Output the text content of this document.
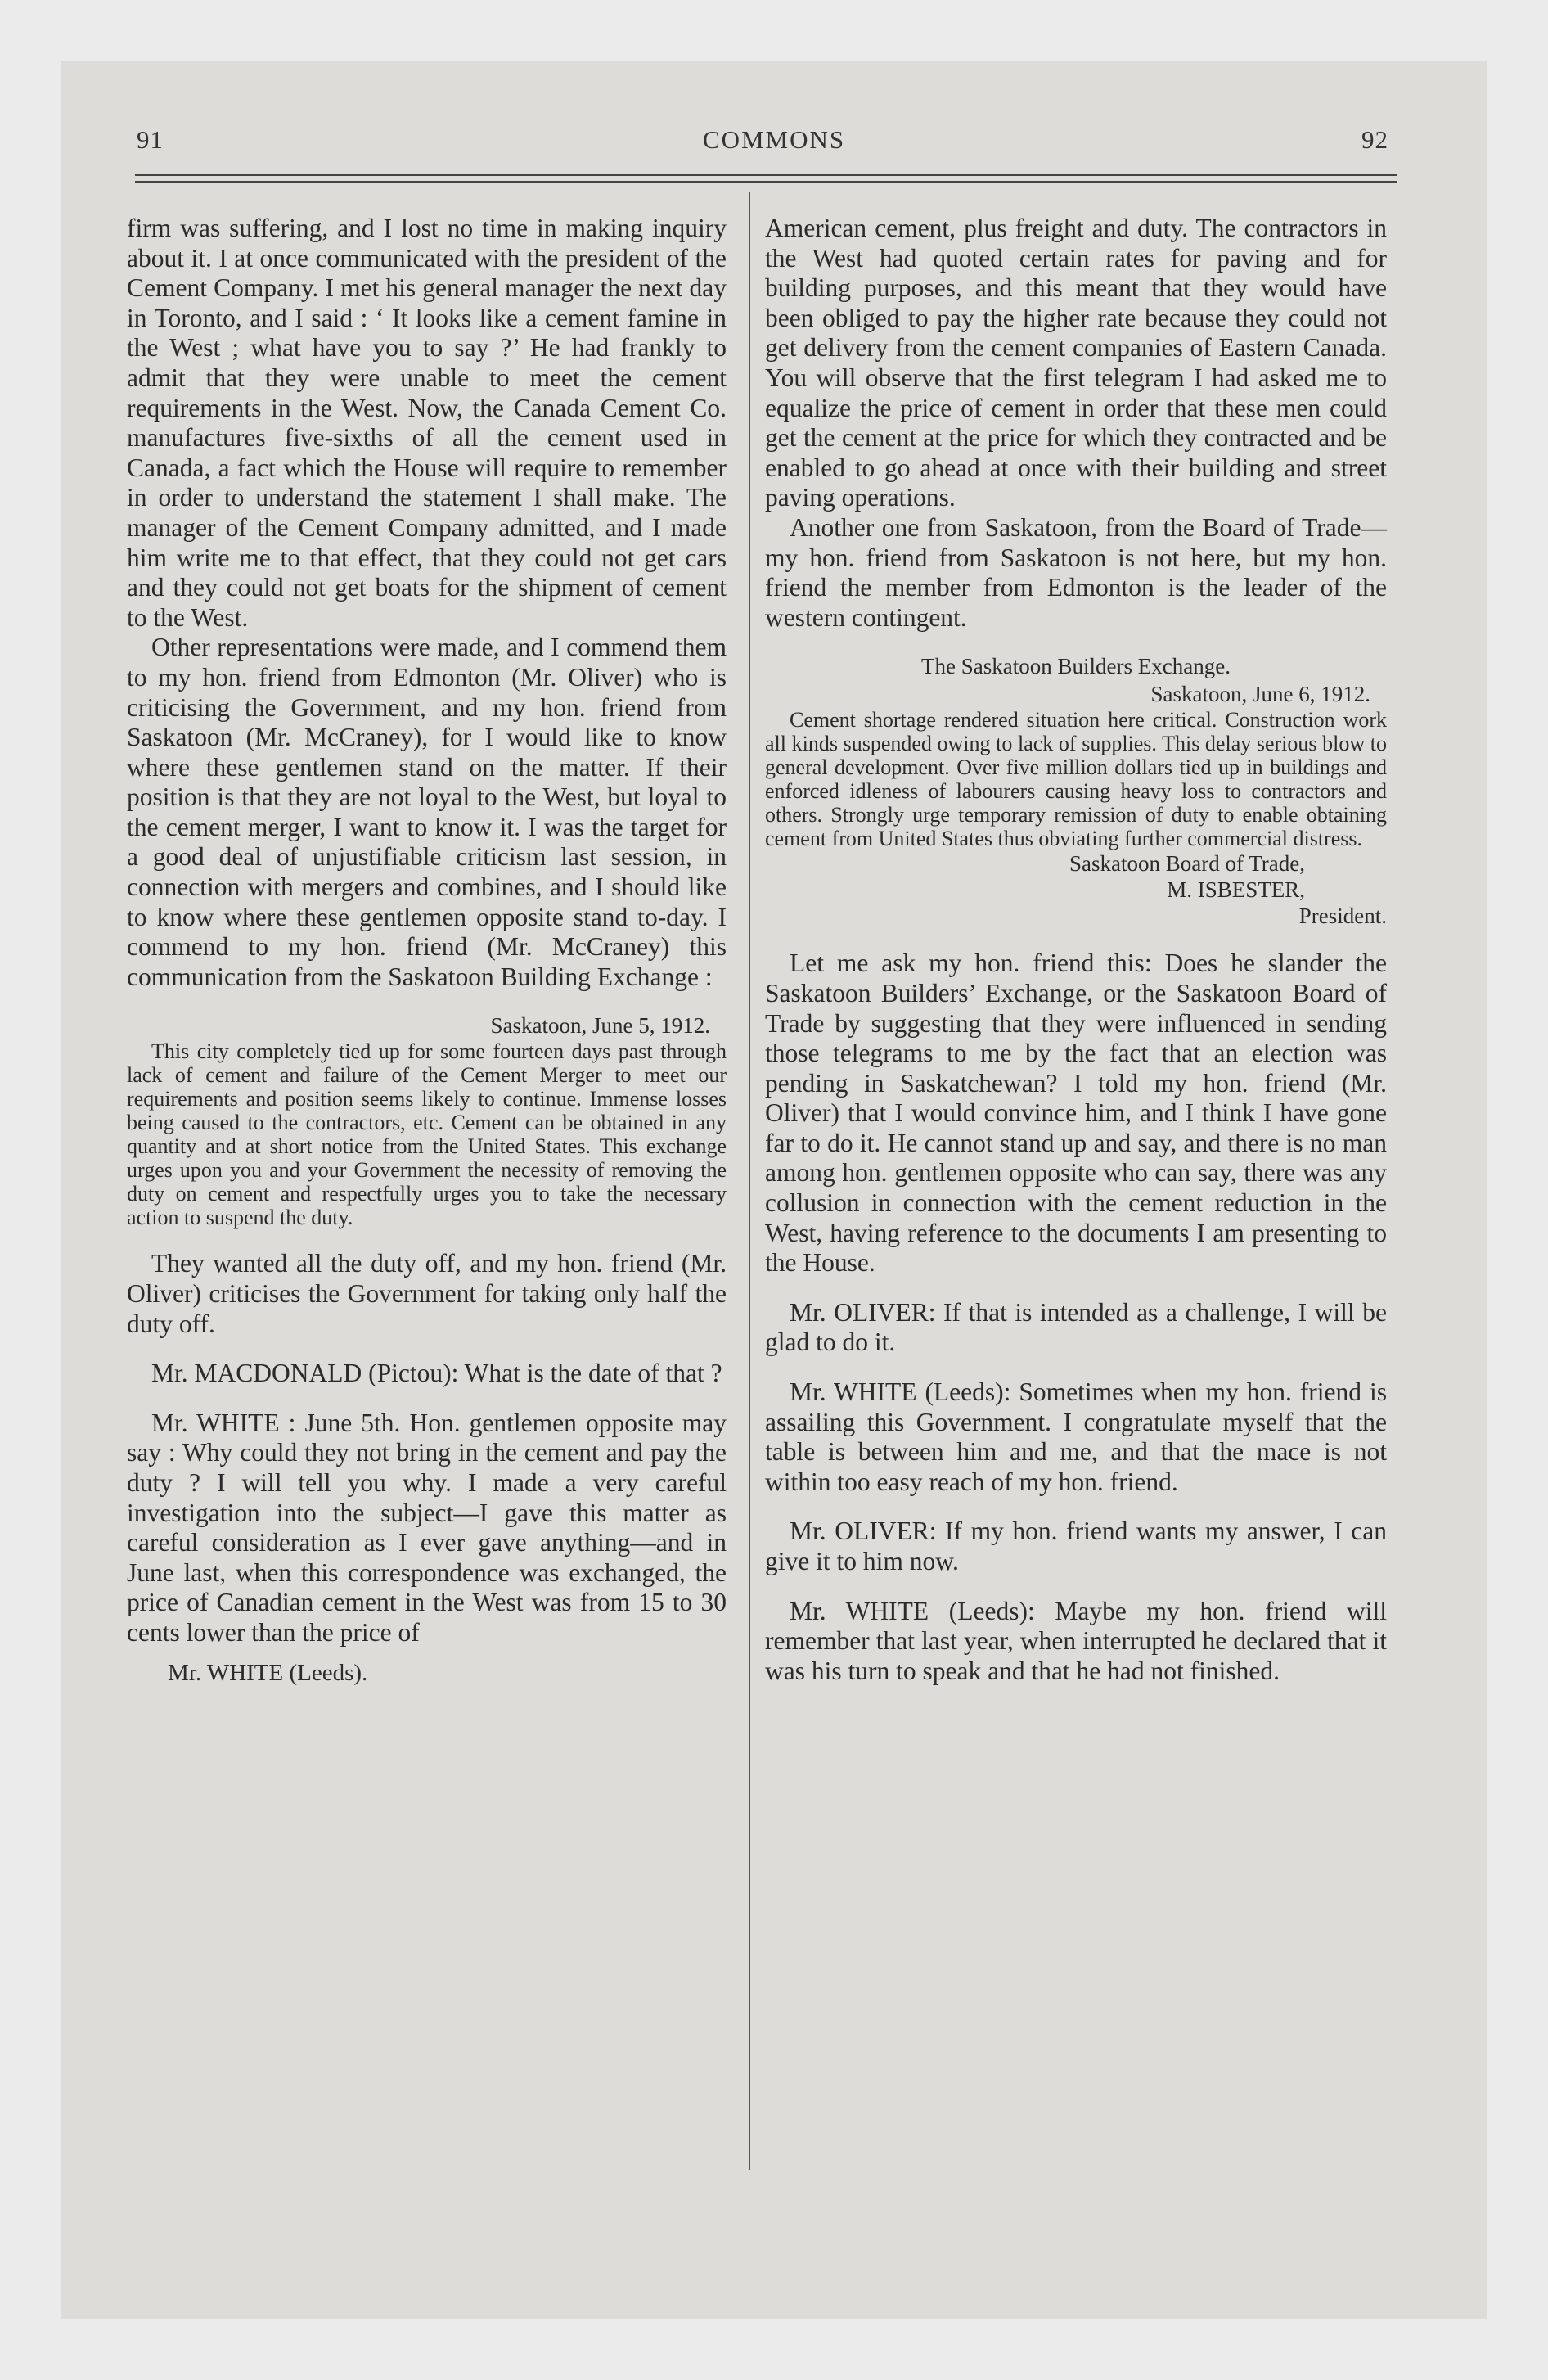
91	COMMONS	92

firm was suffering, and I lost no time in making inquiry about it. I at once communicated with the president of the Cement Company. I met his general manager the next day in Toronto, and I said : ‘ It looks like a cement famine in the West ; what have you to say ?’ He had frankly to admit that they were unable to meet the cement requirements in the West. Now, the Canada Cement Co. manufactures five-sixths of all the cement used in Canada, a fact which the House will require to remember in order to understand the statement I shall make. The manager of the Cement Company admitted, and I made him write me to that effect, that they could not get cars and they could not get boats for the shipment of cement to the West.

Other representations were made, and I commend them to my hon. friend from Edmonton (Mr. Oliver) who is criticising the Government, and my hon. friend from Saskatoon (Mr. McCraney), for I would like to know where these gentlemen stand on the matter. If their position is that they are not loyal to the West, but loyal to the cement merger, I want to know it. I was the target for a good deal of unjustifiable criticism last session, in connection with mergers and combines, and I should like to know where these gentlemen opposite stand to-day. I commend to my hon. friend (Mr. McCraney) this communication from the Saskatoon Building Exchange :

Saskatoon, June 5, 1912.

This city completely tied up for some fourteen days past through lack of cement and failure of the Cement Merger to meet our requirements and position seems likely to continue. Immense losses being caused to the contractors, etc. Cement can be obtained in any quantity and at short notice from the United States. This exchange urges upon you and your Government the necessity of removing the duty on cement and respectfully urges you to take the necessary action to suspend the duty.

They wanted all the duty off, and my hon. friend (Mr. Oliver) criticises the Government for taking only half the duty off.

Mr. MACDONALD (Pictou): What is the date of that ?

Mr. WHITE : June 5th. Hon. gentlemen opposite may say : Why could they not bring in the cement and pay the duty ? I will tell you why. I made a very careful investigation into the subject—I gave this matter as careful consideration as I ever gave anything—and in June last, when this correspondence was exchanged, the price of Canadian cement in the West was from 15 to 30 cents lower than the price of

Mr. WHITE (Leeds).

American cement, plus freight and duty. The contractors in the West had quoted certain rates for paving and for building purposes, and this meant that they would have been obliged to pay the higher rate because they could not get delivery from the cement companies of Eastern Canada. You will observe that the first telegram I had asked me to equalize the price of cement in order that these men could get the cement at the price for which they contracted and be enabled to go ahead at once with their building and street paving operations.

Another one from Saskatoon, from the Board of Trade—my hon. friend from Saskatoon is not here, but my hon. friend the member from Edmonton is the leader of the western contingent.

The Saskatoon Builders Exchange.

Saskatoon, June 6, 1912.

Cement shortage rendered situation here critical. Construction work all kinds suspended owing to lack of supplies. This delay serious blow to general development. Over five million dollars tied up in buildings and enforced idleness of labourers causing heavy loss to contractors and others. Strongly urge temporary remission of duty to enable obtaining cement from United States thus obviating further commercial distress.

Saskatoon Board of Trade,

M. ISBESTER,

President.

Let me ask my hon. friend this: Does he slander the Saskatoon Builders’ Exchange, or the Saskatoon Board of Trade by suggesting that they were influenced in sending those telegrams to me by the fact that an election was pending in Saskatchewan? I told my hon. friend (Mr. Oliver) that I would convince him, and I think I have gone far to do it. He cannot stand up and say, and there is no man among hon. gentlemen opposite who can say, there was any collusion in connection with the cement reduction in the West, having reference to the documents I am presenting to the House.

Mr. OLIVER: If that is intended as a challenge, I will be glad to do it.

Mr. WHITE (Leeds): Sometimes when my hon. friend is assailing this Government. I congratulate myself that the table is between him and me, and that the mace is not within too easy reach of my hon. friend.

Mr. OLIVER: If my hon. friend wants my answer, I can give it to him now.

Mr. WHITE (Leeds): Maybe my hon. friend will remember that last year, when interrupted he declared that it was his turn to speak and that he had not finished.
